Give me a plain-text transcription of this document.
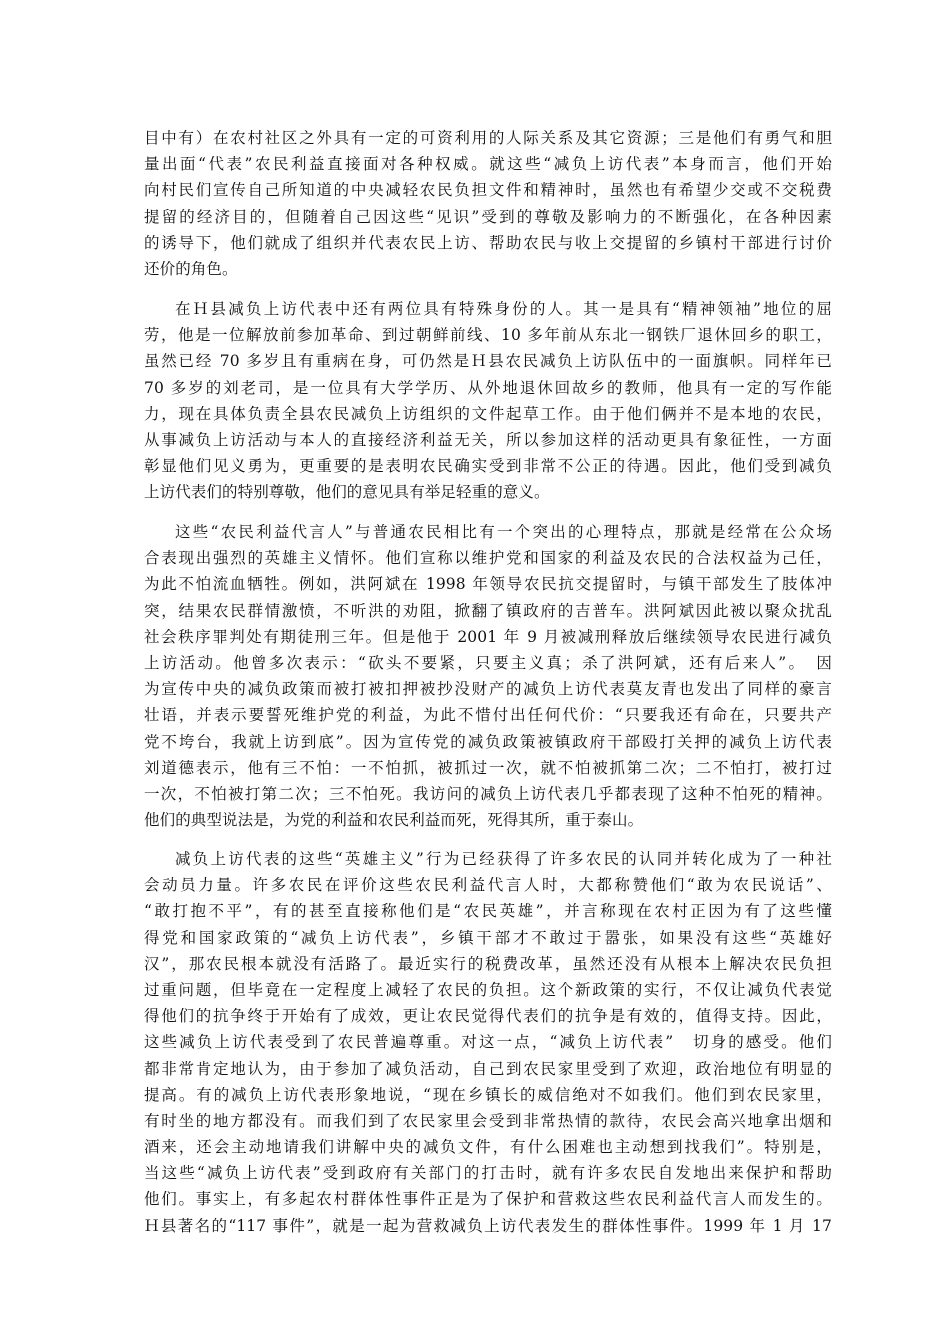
目中有）在农村社区之外具有一定的可资利用的人际关系及其它资源；三是他们有勇气和胆
量出面“代表”农民利益直接面对各种权威。就这些“减负上访代表”本身而言，他们开始
向村民们宣传自己所知道的中央减轻农民负担文件和精神时，虽然也有希望少交或不交税费
提留的经济目的，但随着自己因这些“见识”受到的尊敬及影响力的不断强化，在各种因素
的诱导下，他们就成了组织并代表农民上访、帮助农民与收上交提留的乡镇村干部进行讨价
还价的角色。
在Ｈ县减负上访代表中还有两位具有特殊身份的人。其一是具有“精神领袖”地位的屈
劳，他是一位解放前参加革命、到过朝鲜前线、10 多年前从东北一钢铁厂退休回乡的职工，
虽然已经 70 多岁且有重病在身，可仍然是Ｈ县农民减负上访队伍中的一面旗帜。同样年已
70 多岁的刘老司，是一位具有大学学历、从外地退休回故乡的教师，他具有一定的写作能
力，现在具体负责全县农民减负上访组织的文件起草工作。由于他们俩并不是本地的农民，
从事减负上访活动与本人的直接经济利益无关，所以参加这样的活动更具有象征性，一方面
彰显他们见义勇为，更重要的是表明农民确实受到非常不公正的待遇。因此，他们受到减负
上访代表们的特别尊敬，他们的意见具有举足轻重的意义。
这些“农民利益代言人”与普通农民相比有一个突出的心理特点，那就是经常在公众场
合表现出强烈的英雄主义情怀。他们宣称以维护党和国家的利益及农民的合法权益为己任，
为此不怕流血牺牲。例如，洪阿斌在 1998 年领导农民抗交提留时，与镇干部发生了肢体冲
突，结果农民群情激愤，不听洪的劝阻，掀翻了镇政府的吉普车。洪阿斌因此被以聚众扰乱
社会秩序罪判处有期徒刑三年。但是他于 2001 年 9 月被减刑释放后继续领导农民进行减负
上访活动。他曾多次表示：“砍头不要紧，只要主义真；杀了洪阿斌，还有后来人”。　因
为宣传中央的减负政策而被打被扣押被抄没财产的减负上访代表莫友青也发出了同样的豪言
壮语，并表示要誓死维护党的利益，为此不惜付出任何代价：“只要我还有命在，只要共产
党不垮台，我就上访到底”。因为宣传党的减负政策被镇政府干部殴打关押的减负上访代表
刘道德表示，他有三不怕：一不怕抓，被抓过一次，就不怕被抓第二次；二不怕打，被打过
一次，不怕被打第二次；三不怕死。我访问的减负上访代表几乎都表现了这种不怕死的精神。
他们的典型说法是，为党的利益和农民利益而死，死得其所，重于泰山。
减负上访代表的这些“英雄主义”行为已经获得了许多农民的认同并转化成为了一种社
会动员力量。许多农民在评价这些农民利益代言人时，大都称赞他们“敢为农民说话”、
“敢打抱不平”，有的甚至直接称他们是“农民英雄”，并言称现在农村正因为有了这些懂
得党和国家政策的“减负上访代表”，乡镇干部才不敢过于嚣张，如果没有这些“英雄好
汉”，那农民根本就没有活路了。最近实行的税费改革，虽然还没有从根本上解决农民负担
过重问题，但毕竟在一定程度上减轻了农民的负担。这个新政策的实行，不仅让减负代表觉
得他们的抗争终于开始有了成效，更让农民觉得代表们的抗争是有效的，值得支持。因此，
这些减负上访代表受到了农民普遍尊重。对这一点，“减负上访代表”　切身的感受。他们
都非常肯定地认为，由于参加了减负活动，自己到农民家里受到了欢迎，政治地位有明显的
提高。有的减负上访代表形象地说，“现在乡镇长的威信绝对不如我们。他们到农民家里，
有时坐的地方都没有。而我们到了农民家里会受到非常热情的款待，农民会高兴地拿出烟和
酒来，还会主动地请我们讲解中央的减负文件，有什么困难也主动想到找我们”。特别是，
当这些“减负上访代表”受到政府有关部门的打击时，就有许多农民自发地出来保护和帮助
他们。事实上，有多起农村群体性事件正是为了保护和营救这些农民利益代言人而发生的。
Ｈ县著名的“117 事件”，就是一起为营救减负上访代表发生的群体性事件。1999 年 1 月 17
